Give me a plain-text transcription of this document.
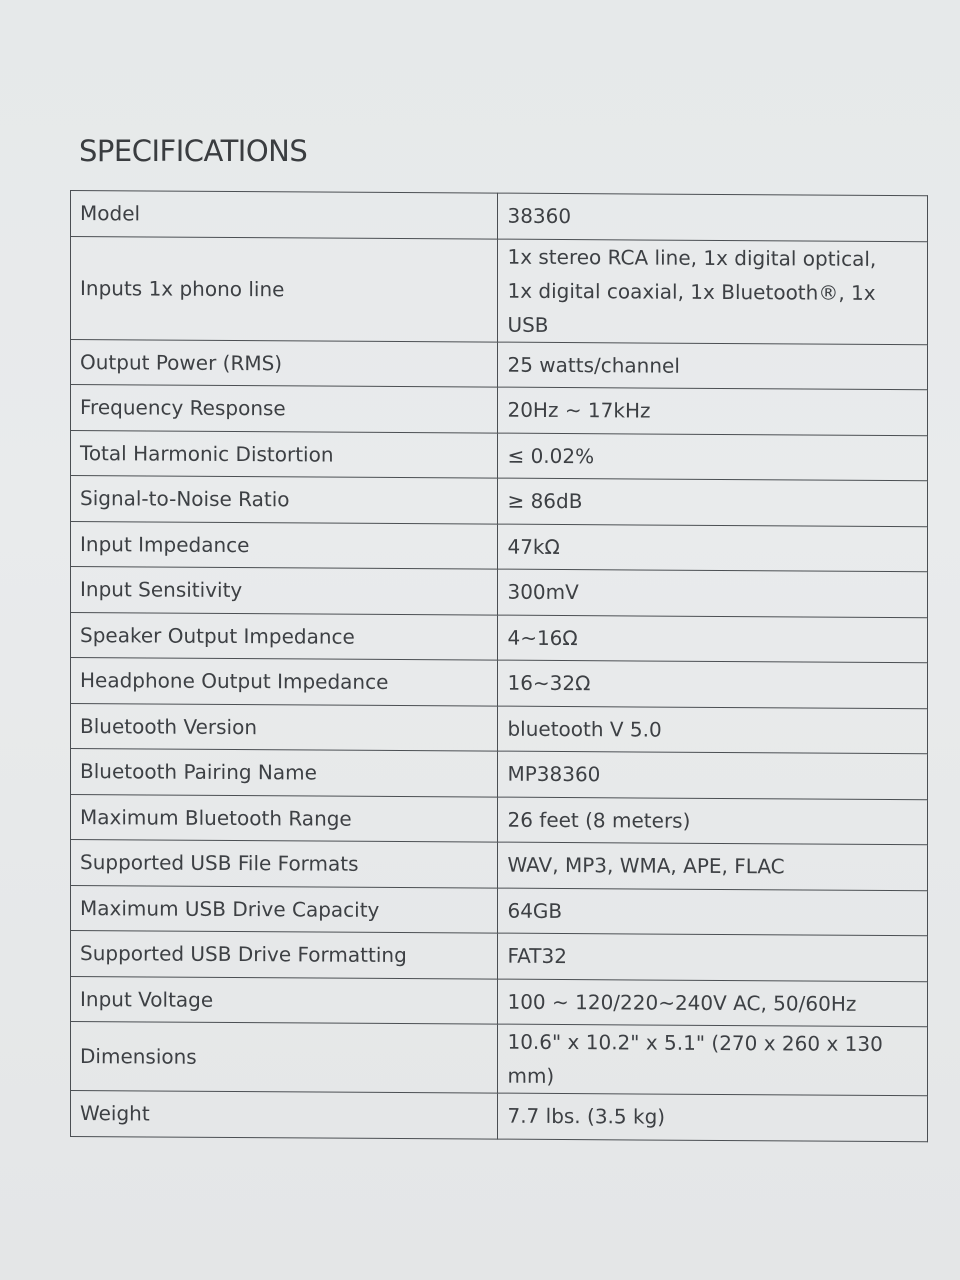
SPECIFICATIONS
Model	38360
Inputs 1x phono line	1x stereo RCA line, 1x digital optical,
1x digital coaxial, 1x Bluetooth®, 1x USB

Output Power (RMS)	25 watts/channel
Frequency Response	20Hz ~ 17kHz
Total Harmonic Distortion	≤ 0.02%
Signal-to-Noise Ratio	≥ 86dB
Input Impedance	47kΩ
Input Sensitivity	300mV
Speaker Output Impedance	4~16Ω
Headphone Output Impedance	16~32Ω
Bluetooth Version	bluetooth V 5.0
Bluetooth Pairing Name	MP38360
Maximum Bluetooth Range	26 feet (8 meters)
Supported USB File Formats	WAV, MP3, WMA, APE, FLAC
Maximum USB Drive Capacity	64GB
Supported USB Drive Formatting	FAT32
Input Voltage	100 ~ 120/220~240V AC, 50/60Hz
Dimensions	10.6" x 10.2" x 5.1" (270 x 260 x 130 mm)
Weight	7.7 lbs. (3.5 kg)
